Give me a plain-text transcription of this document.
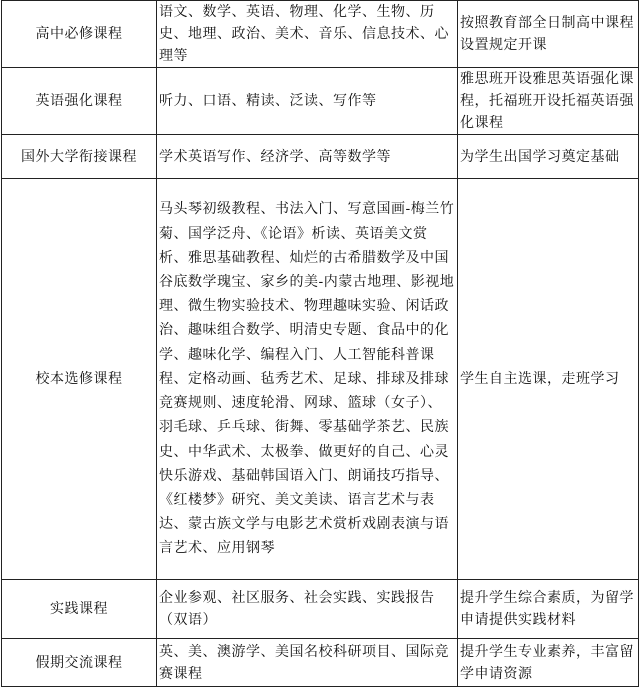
高中必修课程	语文、数学、英语、物理、化学、生物、历史、地理、政治、美术、音乐、信息技术、心理等	按照教育部全日制高中课程设置规定开课

英语强化课程	听力、口语、精读、泛读、写作等	雅思班开设雅思英语强化课程，托福班开设托福英语强化课程

国外大学衔接课程	学术英语写作、经济学、高等数学等	为学生出国学习奠定基础

校本选修课程	马头琴初级教程、书法入门、写意国画-梅兰竹菊、国学泛舟、《论语》析读、英语美文赏析、雅思基础教程、灿烂的古希腊数学及中国谷底数学瑰宝、家乡的美-内蒙古地理、影视地理、微生物实验技术、物理趣味实验、闲话政治、趣味组合数学、明清史专题、食品中的化学、趣味化学、编程入门、人工智能科普课程、定格动画、毡秀艺术、足球、排球及排球竞赛规则、速度轮滑、网球、篮球（女子）、羽毛球、乒乓球、街舞、零基础学茶艺、民族史、中华武术、太极拳、做更好的自己、心灵快乐游戏、基础韩国语入门、朗诵技巧指导、《红楼梦》研究、美文美读、语言艺术与表达、蒙古族文学与电影艺术赏析戏剧表演与语言艺术、应用钢琴	学生自主选课，走班学习

实践课程	企业参观、社区服务、社会实践、实践报告（双语）	提升学生综合素质，为留学申请提供实践材料

假期交流课程	英、美、澳游学、美国名校科研项目、国际竞赛课程	提升学生专业素养，丰富留学申请资源
